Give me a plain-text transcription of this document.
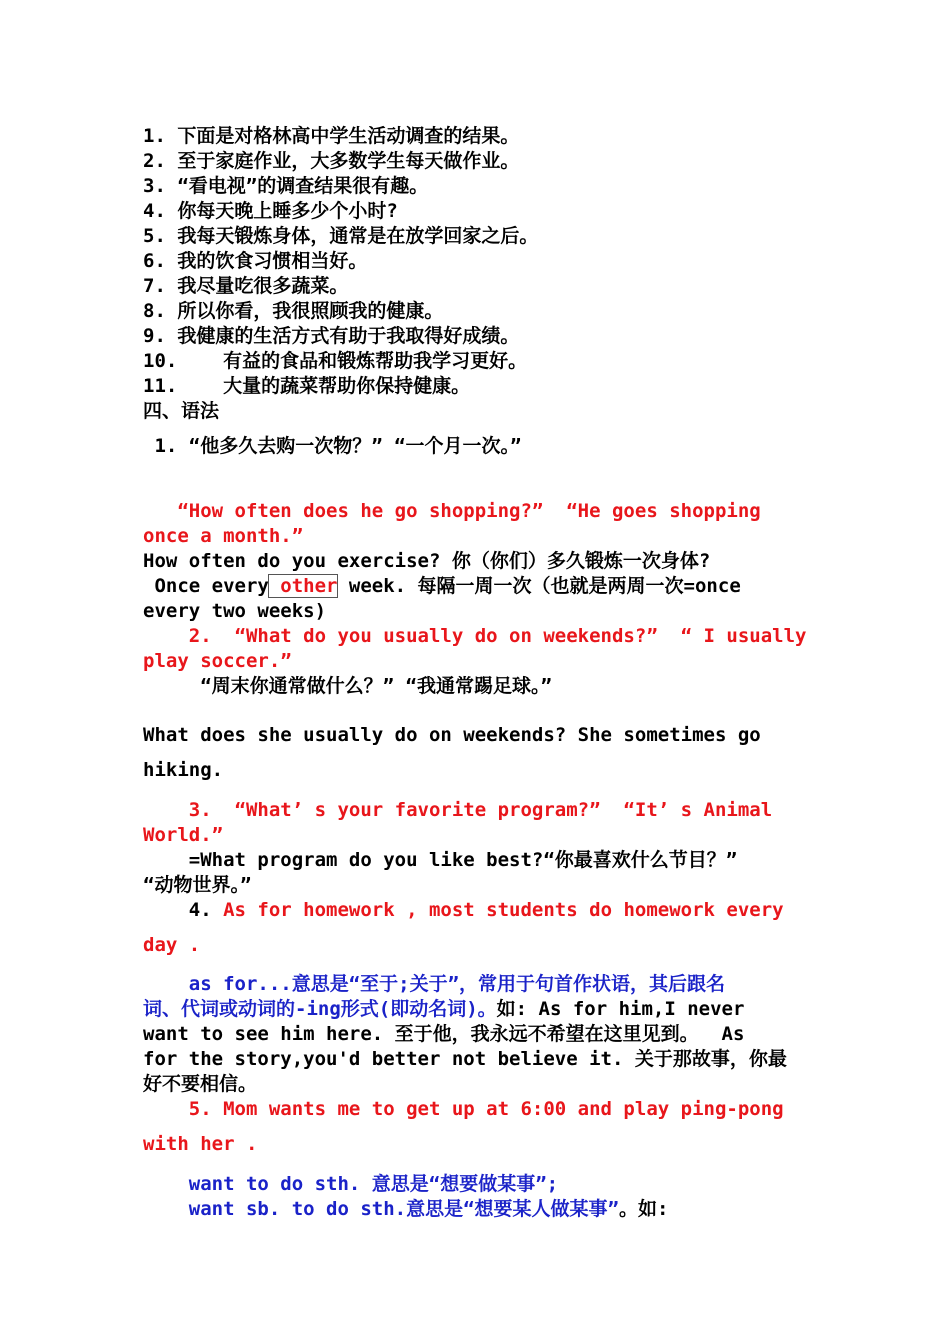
1. 下面是对格林高中学生活动调查的结果。
2. 至于家庭作业，大多数学生每天做作业。
3. “看电视”的调查结果很有趣。
4. 你每天晚上睡多少个小时?
5. 我每天锻炼身体，通常是在放学回家之后。
6. 我的饮食习惯相当好。
7. 我尽量吃很多蔬菜。
8. 所以你看，我很照顾我的健康。
9. 我健康的生活方式有助于我取得好成绩。
10.    有益的食品和锻炼帮助我学习更好。
11.    大量的蔬菜帮助你保持健康。
四、语法
1. “他多久去购一次物？” “一个月一次。”
“How often does he go shopping?”  “He goes shopping
once a month.”
How often do you exercise? 你（你们）多久锻炼一次身体?
Once every other week. 每隔一周一次（也就是两周一次=once
every two weeks)
2.  “What do you usually do on weekends?”  “ I usually
play soccer.”
“周末你通常做什么？” “我通常踢足球。”
What does she usually do on weekends? She sometimes go
hiking.
3.  “What’ s your favorite program?”  “It’ s Animal
World.”
=What program do you like best?“你最喜欢什么节目？”
“动物世界。”
4. As for homework , most students do homework every
day .
as for...意思是“至于;关于”，常用于句首作状语，其后跟名
词、代词或动词的-ing形式(即动名词)。如: As for him,I never
want to see him here. 至于他，我永远不希望在这里见到。  As
for the story,you'd better not believe it. 关于那故事，你最
好不要相信。
5. Mom wants me to get up at 6:00 and play ping-pong
with her .
want to do sth. 意思是“想要做某事”;
want sb. to do sth.意思是“想要某人做某事”。如:
